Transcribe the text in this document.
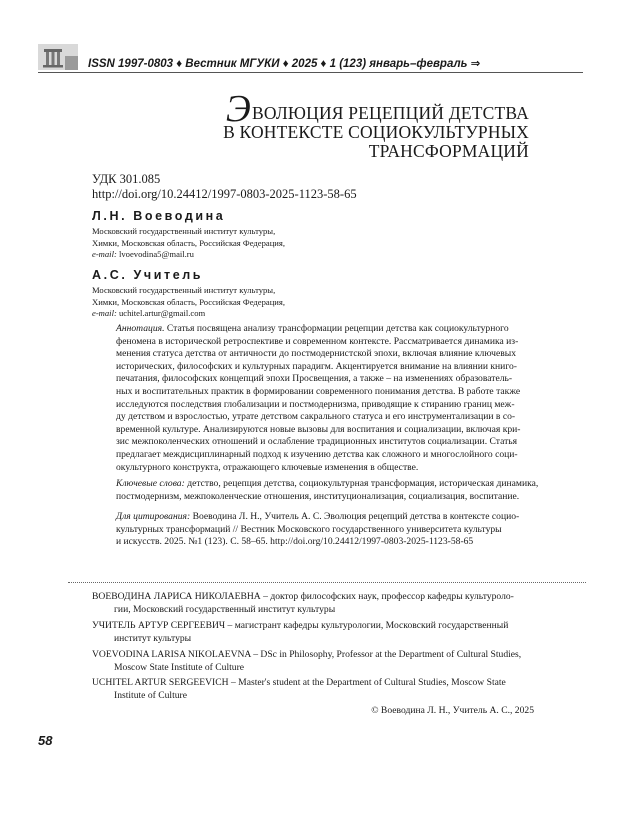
ISSN 1997-0803 ♦ Вестник МГУКИ ♦ 2025 ♦ 1 (123) январь–февраль ⇒
ЭВОЛЮЦИЯ РЕЦЕПЦИЙ ДЕТСТВА
В КОНТЕКСТЕ СОЦИОКУЛЬТУРНЫХ
ТРАНСФОРМАЦИЙ
УДК 301.085
http://doi.org/10.24412/1997-0803-2025-1123-58-65
Л.Н. Воеводина
Московский государственный институт культуры,
Химки, Московская область, Российская Федерация,
e-mail: lvoevodina5@mail.ru
А.С. Учитель
Московский государственный институт культуры,
Химки, Московская область, Российская Федерация,
e-mail: uchitel.artur@gmail.com
Аннотация. Статья посвящена анализу трансформации рецепции детства как социокультурного
феномена в исторической ретроспективе и современном контексте. Рассматривается динамика из-
менения статуса детства от античности до постмодернистской эпохи, включая влияние ключевых
исторических, философских и культурных парадигм. Акцентируется внимание на влиянии книго-
печатания, философских концепций эпохи Просвещения, а также – на изменениях образователь-
ных и воспитательных практик в формировании современного понимания детства. В работе также
исследуются последствия глобализации и постмодернизма, приводящие к стиранию границ меж-
ду детством и взрослостью, утрате детством сакрального статуса и его инструментализации в со-
временной культуре. Анализируются новые вызовы для воспитания и социализации, включая кри-
зис межпоколенческих отношений и ослабление традиционных институтов социализации. Статья
предлагает междисциплинарный подход к изучению детства как сложного и многослойного соци-
окультурного конструкта, отражающего ключевые изменения в обществе.
Ключевые слова: детство, рецепция детства, социокультурная трансформация, историческая динамика,
постмодернизм, межпоколенческие отношения, институционализация, социализация, воспитание.
Для цитирования: Воеводина Л. Н., Учитель А. С. Эволюция рецепций детства в контексте социо-
культурных трансформаций // Вестник Московского государственного университета культуры
и искусств. 2025. №1 (123). С. 58–65. http://doi.org/10.24412/1997-0803-2025-1123-58-65
ВОЕВОДИНА ЛАРИСА НИКОЛАЕВНА – доктор философских наук, профессор кафедры культуроло-
гии, Московский государственный институт культуры
УЧИТЕЛЬ АРТУР СЕРГЕЕВИЧ – магистрант кафедры культурологии, Московский государственный
институт культуры
VOEVODINA LARISA NIKOLAEVNA – DSc in Philosophy, Professor at the Department of Cultural Studies,
Moscow State Institute of Culture
UCHITEL ARTUR SERGEEVICH – Master's student at the Department of Cultural Studies, Moscow State
Institute of Culture
© Воеводина Л. Н., Учитель А. С., 2025
58
